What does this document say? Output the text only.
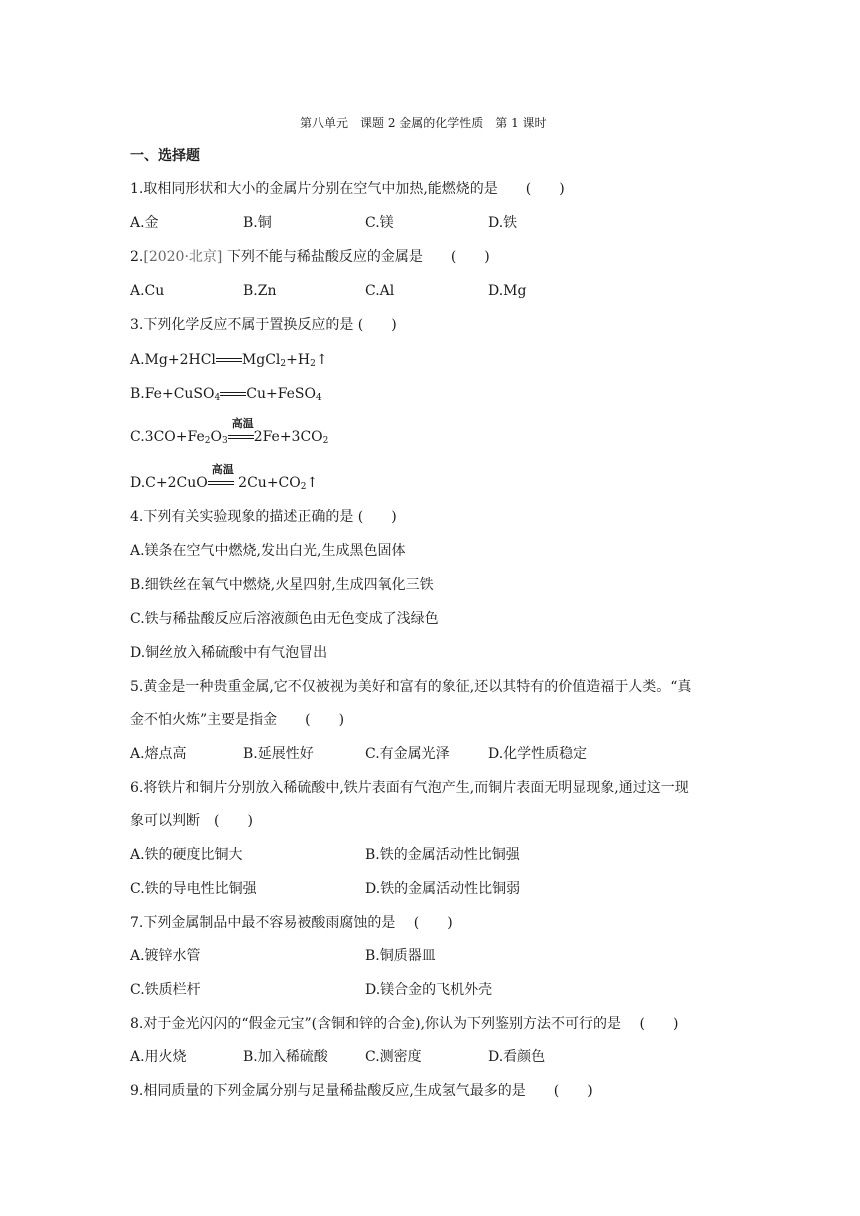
第八单元　课题 2 金属的化学性质　第 1 课时
一、选择题
1.取相同形状和大小的金属片分别在空气中加热,能燃烧的是　　(　　)
A.金	B.铜	C.镁	D.铁
2.[2020·北京] 下列不能与稀盐酸反应的金属是　　(　　)
A.Cu	B.Zn	C.Al	D.Mg
3.下列化学反应不属于置换反应的是 (　　)
A.Mg+2HCl $MgCl_2+H_2↑$
B.Fe+CuSO$_4$ Cu+FeSO$_4$
$C.3CO+Fe_2O_3$
高温
$2Fe+3CO_2$
D.C+2CuO
高温
$2Cu+CO_2↑$
4.下列有关实验现象的描述正确的是 (　　)
A.镁条在空气中燃烧,发出白光,生成黑色固体
B.细铁丝在氧气中燃烧,火星四射,生成四氧化三铁
C.铁与稀盐酸反应后溶液颜色由无色变成了浅绿色
D.铜丝放入稀硫酸中有气泡冒出
5.黄金是一种贵重金属,它不仅被视为美好和富有的象征,还以其特有的价值造福于人类。“真
金不怕火炼”主要是指金　　(　　)
A.熔点高	B.延展性好	C.有金属光泽	D.化学性质稳定
6.将铁片和铜片分别放入稀硫酸中,铁片表面有气泡产生,而铜片表面无明显现象,通过这一现
象可以判断　(　　)
A.铁的硬度比铜大	B.铁的金属活动性比铜强
C.铁的导电性比铜强	D.铁的金属活动性比铜弱
7.下列金属制品中最不容易被酸雨腐蚀的是　 (　　)
A.镀锌水管	B.铜质器皿
C.铁质栏杆	D.镁合金的飞机外壳
8.对于金光闪闪的“假金元宝”(含铜和锌的合金),你认为下列鉴别方法不可行的是　 (　　)
A.用火烧	B.加入稀硫酸	C.测密度	D.看颜色
9.相同质量的下列金属分别与足量稀盐酸反应,生成氢气最多的是　　(　　)
